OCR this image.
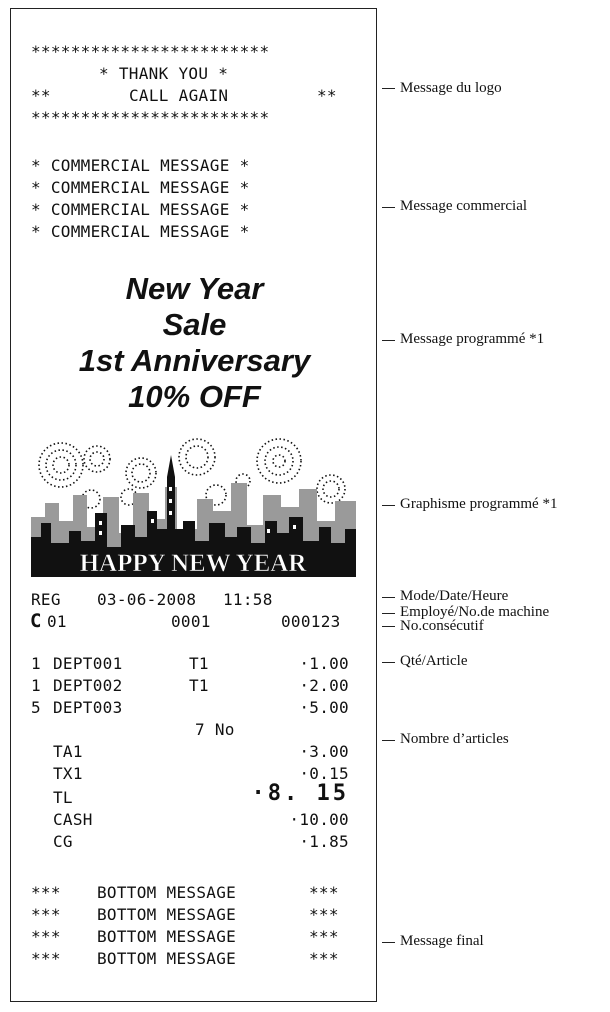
************************
* THANK YOU *
**	CALL AGAIN	**
************************
* COMMERCIAL MESSAGE *
* COMMERCIAL MESSAGE *
* COMMERCIAL MESSAGE *
* COMMERCIAL MESSAGE *
New Year
Sale
1st Anniversary
10% OFF
HAPPY NEW YEAR
REG 03-06-2008 11:58
C 01	0001	000123
1 DEPT001	T1	·1.00
1 DEPT002	T1	·2.00
5 DEPT003	·5.00
7 No
TA1	·3.00
TX1	·0.15
TL	·8. 15
CASH	·10.00
CG	·1.85
*** BOTTOM MESSAGE	***
*** BOTTOM MESSAGE	***
*** BOTTOM MESSAGE	***
*** BOTTOM MESSAGE	***
Message du logo
Message commercial
Message programmé *1
Graphisme programmé *1
Mode/Date/Heure
Employé/No.de machine
No.consécutif
Qté/Article
Nombre d’articles
Message final
